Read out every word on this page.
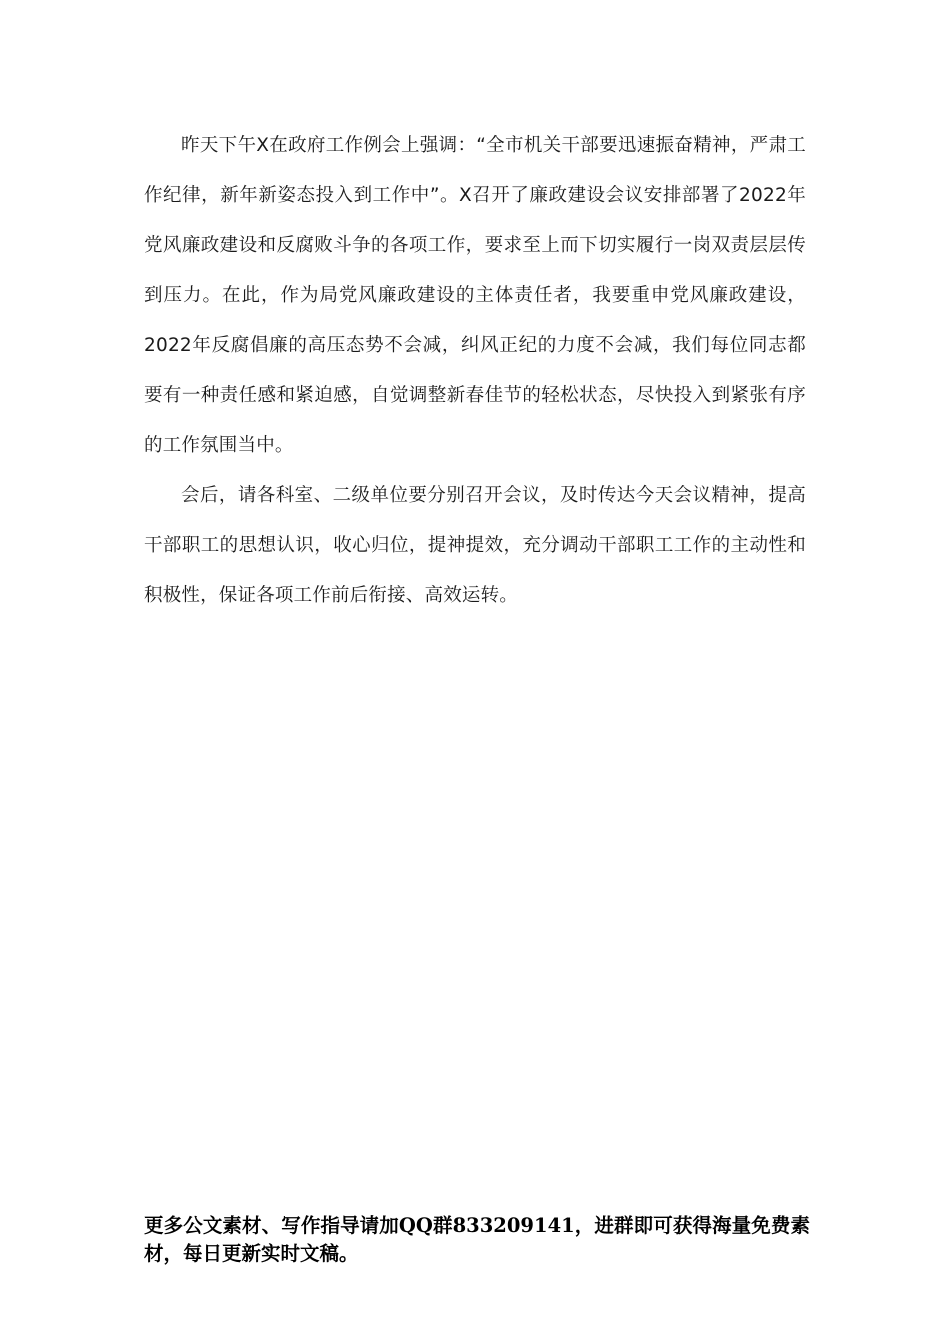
昨天下午X在政府工作例会上强调：“全市机关干部要迅速振奋精神，严肃工作纪律，新年新姿态投入到工作中”。X召开了廉政建设会议安排部署了2022年党风廉政建设和反腐败斗争的各项工作，要求至上而下切实履行一岗双责层层传到压力。在此，作为局党风廉政建设的主体责任者，我要重申党风廉政建设，2022年反腐倡廉的高压态势不会减，纠风正纪的力度不会减，我们每位同志都要有一种责任感和紧迫感，自觉调整新春佳节的轻松状态，尽快投入到紧张有序的工作氛围当中。

会后，请各科室、二级单位要分别召开会议，及时传达今天会议精神，提高干部职工的思想认识，收心归位，提神提效，充分调动干部职工工作的主动性和积极性，保证各项工作前后衔接、高效运转。

更多公文素材、写作指导请加QQ群833209141，进群即可获得海量免费素材，每日更新实时文稿。
